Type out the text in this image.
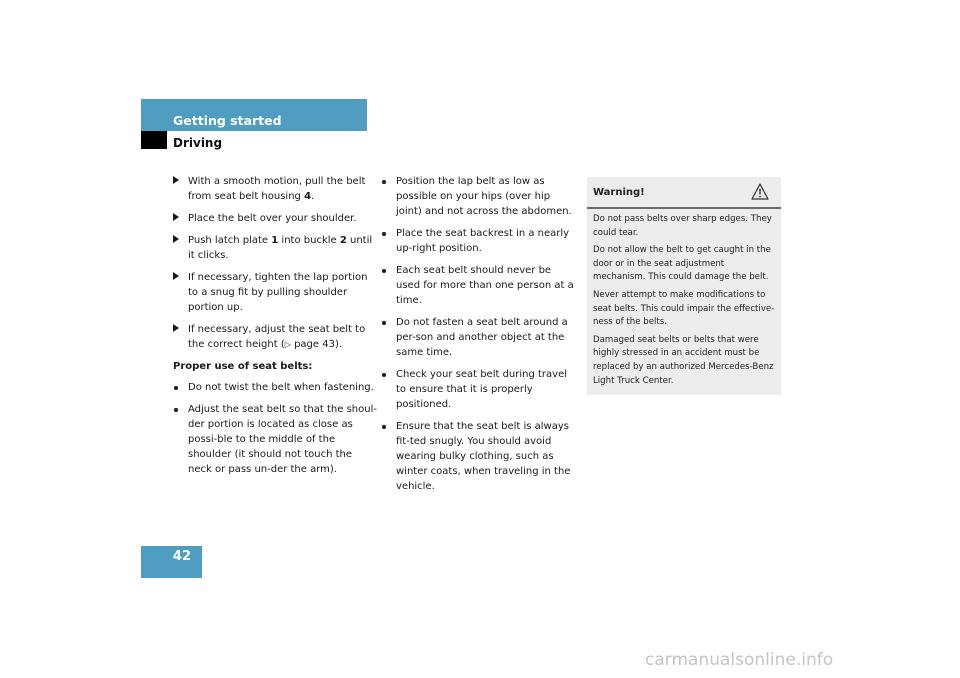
Getting started
Driving
With a smooth motion, pull the belt from seat belt housing 4.
Place the belt over your shoulder.
Push latch plate 1 into buckle 2 until it clicks.
If necessary, tighten the lap portion to a snug fit by pulling shoulder portion up.
If necessary, adjust the seat belt to the correct height (▷ page 43).
Proper use of seat belts:
Do not twist the belt when fastening.
Adjust the seat belt so that the shoul-der portion is located as close as possi-ble to the middle of the shoulder (it should not touch the neck or pass un-der the arm).
Position the lap belt as low as possible on your hips (over hip joint) and not across the abdomen.
Place the seat backrest in a nearly up-right position.
Each seat belt should never be used for more than one person at a time.
Do not fasten a seat belt around a per-son and another object at the same time.
Check your seat belt during travel to ensure that it is properly positioned.
Ensure that the seat belt is always fit-ted snugly. You should avoid wearing bulky clothing, such as winter coats, when traveling in the vehicle.
Warning!

Do not pass belts over sharp edges. They could tear.

Do not allow the belt to get caught in the door or in the seat adjustment mechanism. This could damage the belt.

Never attempt to make modifications to seat belts. This could impair the effective-ness of the belts.

Damaged seat belts or belts that were highly stressed in an accident must be replaced by an authorized Mercedes-Benz Light Truck Center.

42
carmanualsonline.info
